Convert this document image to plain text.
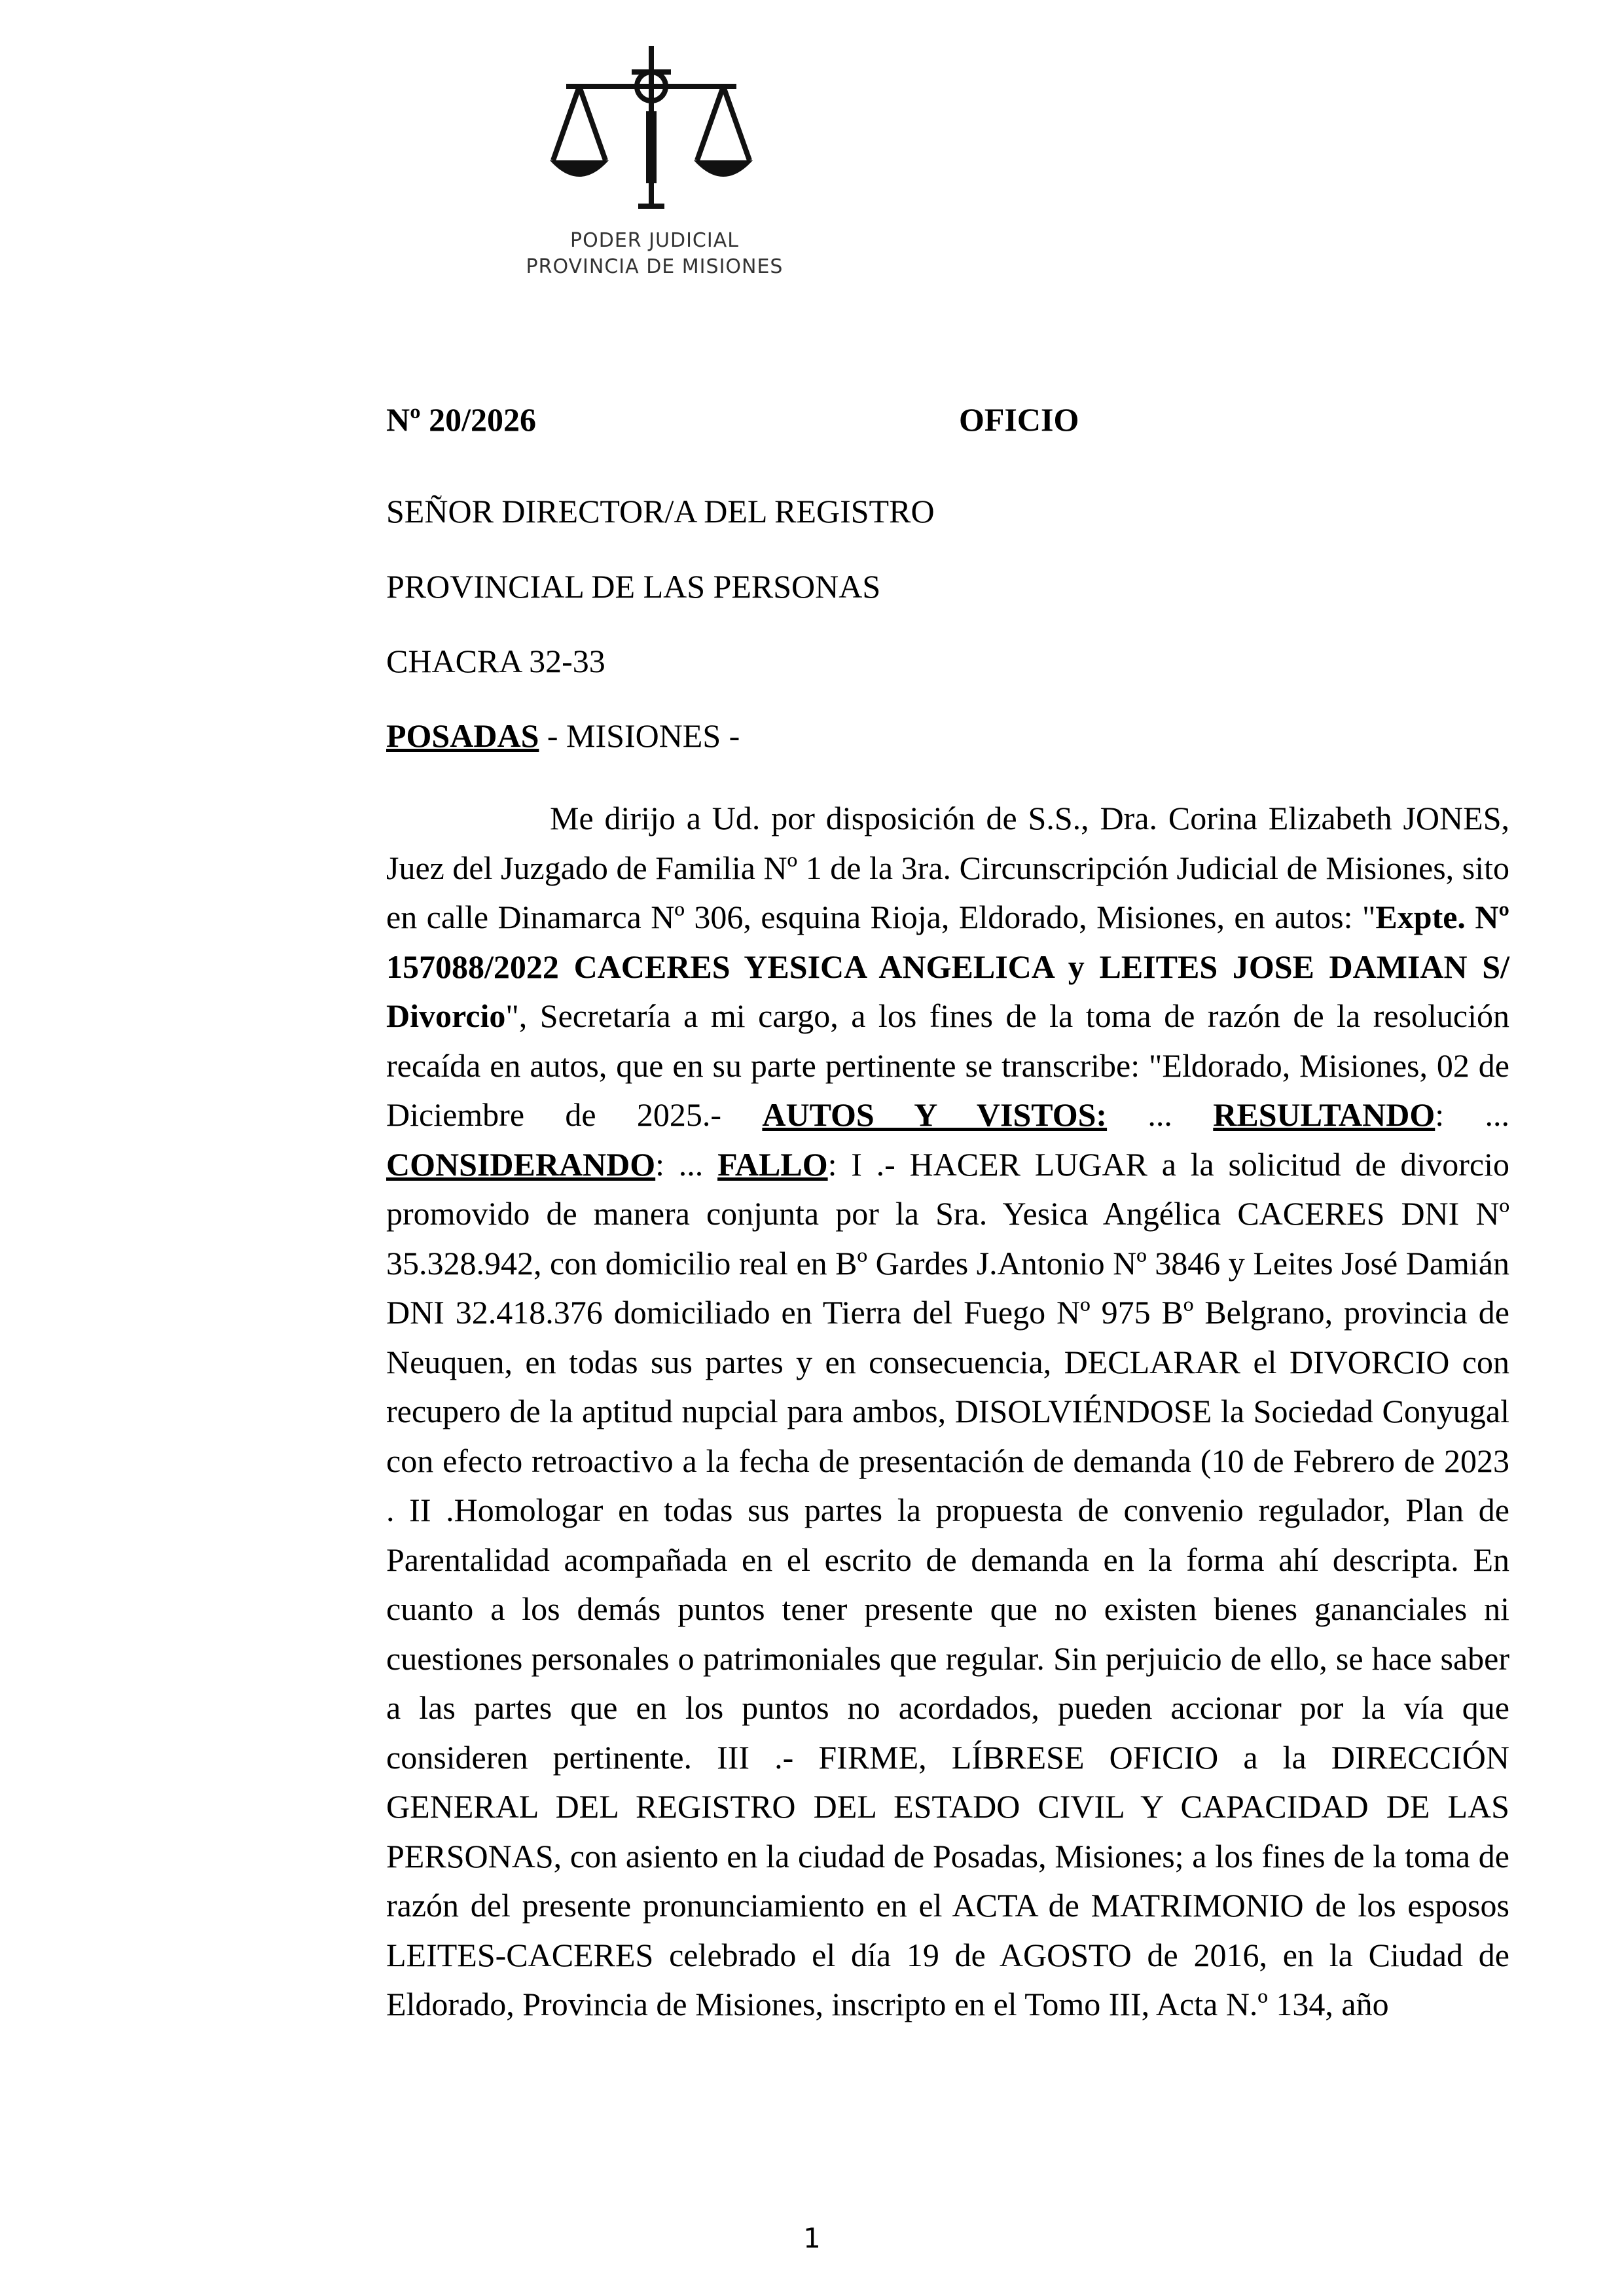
PODER JUDICIAL
PROVINCIA DE MISIONES
Nº 20/2026	OFICIO
SEÑOR DIRECTOR/A DEL REGISTRO
PROVINCIAL DE LAS PERSONAS
CHACRA 32-33
POSADAS - MISIONES -
Me dirijo a Ud. por disposición de S.S., Dra. Corina Elizabeth JONES, Juez del Juzgado de Familia Nº 1 de la 3ra. Circunscripción Judicial de Misiones, sito en calle Dinamarca Nº 306, esquina Rioja, Eldorado, Misiones, en autos: "Expte. Nº 157088/2022 CACERES YESICA ANGELICA y LEITES JOSE DAMIAN S/ Divorcio", Secretaría a mi cargo, a los fines de la toma de razón de la resolución recaída en autos, que en su parte pertinente se transcribe: "Eldorado, Misiones, 02 de Diciembre de 2025.- AUTOS Y VISTOS: ... RESULTANDO: ... CONSIDERANDO: ... FALLO: I .- HACER LUGAR a la solicitud de divorcio promovido de manera conjunta por la Sra. Yesica Angélica CACERES DNI Nº 35.328.942, con domicilio real en Bº Gardes J.Antonio Nº 3846 y Leites José Damián DNI 32.418.376 domiciliado en Tierra del Fuego Nº 975 Bº Belgrano, provincia de Neuquen, en todas sus partes y en consecuencia, DECLARAR el DIVORCIO con recupero de la aptitud nupcial para ambos, DISOLVIÉNDOSE la Sociedad Conyugal con efecto retroactivo a la fecha de presentación de demanda (10 de Febrero de 2023 . II .Homologar en todas sus partes la propuesta de convenio regulador, Plan de Parentalidad acompañada en el escrito de demanda en la forma ahí descripta. En cuanto a los demás puntos tener presente que no existen bienes gananciales ni cuestiones personales o patrimoniales que regular. Sin perjuicio de ello, se hace saber a las partes que en los puntos no acordados, pueden accionar por la vía que consideren pertinente. III .- FIRME, LÍBRESE OFICIO a la DIRECCIÓN GENERAL DEL REGISTRO DEL ESTADO CIVIL Y CAPACIDAD DE LAS PERSONAS, con asiento en la ciudad de Posadas, Misiones; a los fines de la toma de razón del presente pronunciamiento en el ACTA de MATRIMONIO de los esposos LEITES-CACERES celebrado el día 19 de AGOSTO de 2016, en la Ciudad de Eldorado, Provincia de Misiones, inscripto en el Tomo III, Acta N.º 134, año
1
